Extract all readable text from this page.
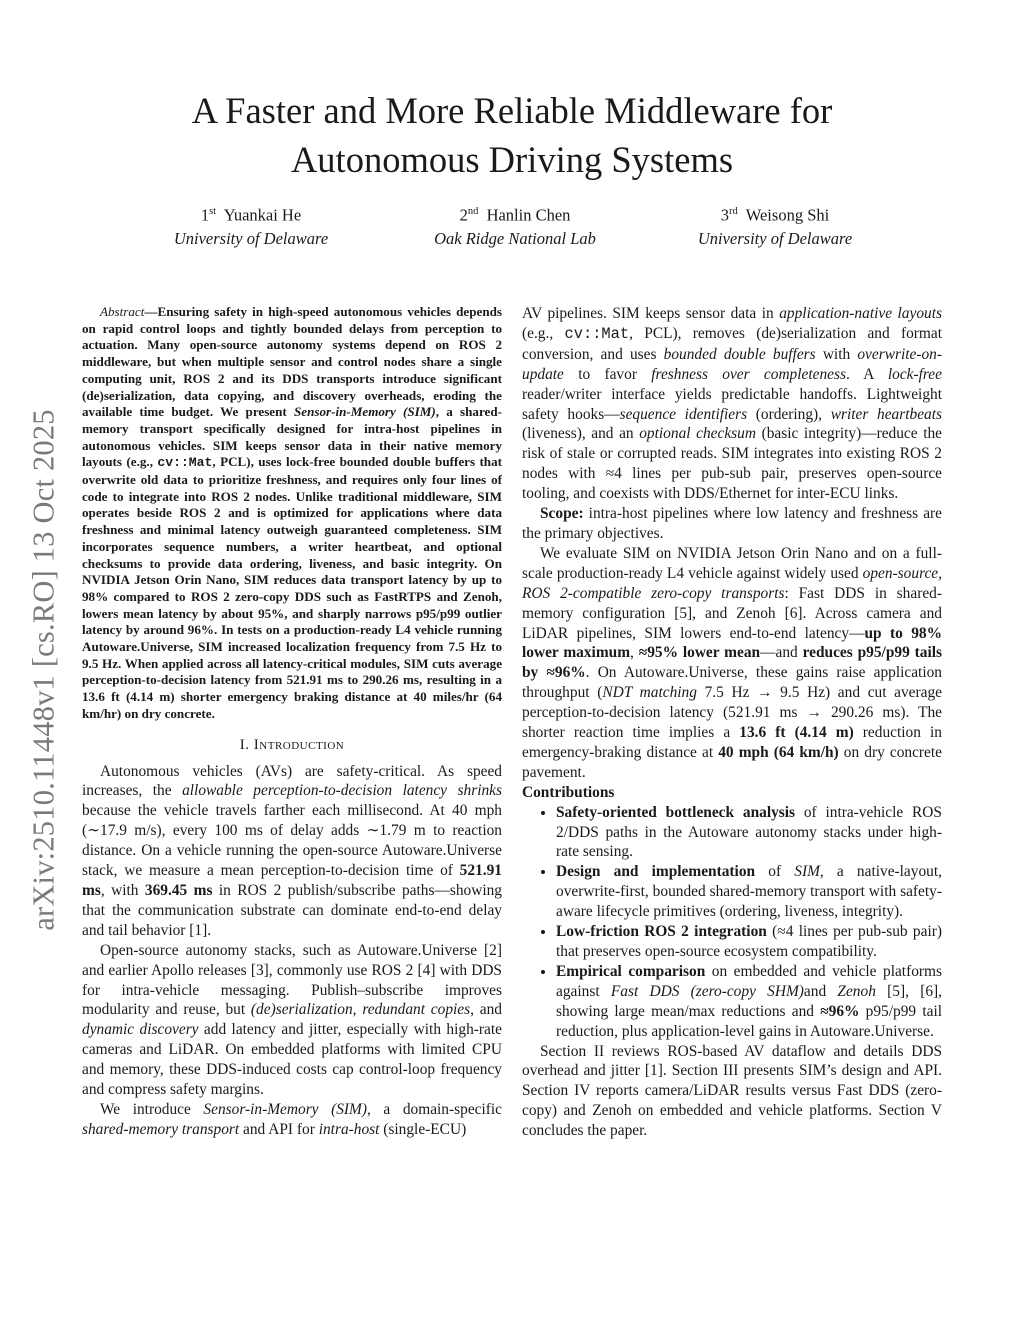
arXiv:2510.11448v1 [cs.RO] 13 Oct 2025
A Faster and More Reliable Middleware for
Autonomous Driving Systems
1st Yuankai He
University of Delaware
2nd Hanlin Chen
Oak Ridge National Lab
3rd Weisong Shi
University of Delaware

Abstract—Ensuring safety in high-speed autonomous vehicles depends on rapid control loops and tightly bounded delays from perception to actuation. Many open-source autonomy systems depend on ROS 2 middleware, but when multiple sensor and control nodes share a single computing unit, ROS 2 and its DDS transports introduce significant (de)serialization, data copying, and discovery overheads, eroding the available time budget. We present Sensor-in-Memory (SIM), a shared-memory transport specifically designed for intra-host pipelines in autonomous vehicles. SIM keeps sensor data in their native memory layouts (e.g., cv::Mat, PCL), uses lock-free bounded double buffers that overwrite old data to prioritize freshness, and requires only four lines of code to integrate into ROS 2 nodes. Unlike traditional middleware, SIM operates beside ROS 2 and is optimized for applications where data freshness and minimal latency outweigh guaranteed completeness. SIM incorporates sequence numbers, a writer heartbeat, and optional checksums to provide data ordering, liveness, and basic integrity. On NVIDIA Jetson Orin Nano, SIM reduces data transport latency by up to 98% compared to ROS 2 zero-copy DDS such as FastRTPS and Zenoh, lowers mean latency by about 95%, and sharply narrows p95/p99 outlier latency by around 96%. In tests on a production-ready L4 vehicle running Autoware.Universe, SIM increased localization frequency from 7.5 Hz to 9.5 Hz. When applied across all latency-critical modules, SIM cuts average perception-to-decision latency from 521.91 ms to 290.26 ms, resulting in a 13.6 ft (4.14 m) shorter emergency braking distance at 40 miles/hr (64 km/hr) on dry concrete.

I. Introduction

Autonomous vehicles (AVs) are safety-critical. As speed increases, the allowable perception-to-decision latency shrinks because the vehicle travels farther each millisecond. At 40 mph (∼17.9 m/s), every 100 ms of delay adds ∼1.79 m to reaction distance. On a vehicle running the open-source Autoware.Universe stack, we measure a mean perception-to-decision time of 521.91 ms, with 369.45 ms in ROS 2 publish/subscribe paths—showing that the communication substrate can dominate end-to-end delay and tail behavior [1].

Open-source autonomy stacks, such as Autoware.Universe [2] and earlier Apollo releases [3], commonly use ROS 2 [4] with DDS for intra-vehicle messaging. Publish–subscribe improves modularity and reuse, but (de)serialization, redundant copies, and dynamic discovery add latency and jitter, especially with high-rate cameras and LiDAR. On embedded platforms with limited CPU and memory, these DDS-induced costs cap control-loop frequency and compress safety margins.

We introduce Sensor-in-Memory (SIM), a domain-specific shared-memory transport and API for intra-host (single-ECU)

AV pipelines. SIM keeps sensor data in application-native layouts (e.g., cv::Mat, PCL), removes (de)serialization and format conversion, and uses bounded double buffers with overwrite-on-update to favor freshness over completeness. A lock-free reader/writer interface yields predictable handoffs. Lightweight safety hooks—sequence identifiers (ordering), writer heartbeats (liveness), and an optional checksum (basic integrity)—reduce the risk of stale or corrupted reads. SIM integrates into existing ROS 2 nodes with ≈4 lines per pub-sub pair, preserves open-source tooling, and coexists with DDS/Ethernet for inter-ECU links.

Scope: intra-host pipelines where low latency and freshness are the primary objectives.

We evaluate SIM on NVIDIA Jetson Orin Nano and on a full-scale production-ready L4 vehicle against widely used open-source, ROS 2-compatible zero-copy transports: Fast DDS in shared-memory configuration [5], and Zenoh [6]. Across camera and LiDAR pipelines, SIM lowers end-to-end latency—up to 98% lower maximum, ≈95% lower mean—and reduces p95/p99 tails by ≈96%. On Autoware.Universe, these gains raise application throughput (NDT matching 7.5 Hz → 9.5 Hz) and cut average perception-to-decision latency (521.91 ms → 290.26 ms). The shorter reaction time implies a 13.6 ft (4.14 m) reduction in emergency-braking distance at 40 mph (64 km/h) on dry concrete pavement.

Contributions
• Safety-oriented bottleneck analysis of intra-vehicle ROS 2/DDS paths in the Autoware autonomy stacks under high-rate sensing.
• Design and implementation of SIM, a native-layout, overwrite-first, bounded shared-memory transport with safety-aware lifecycle primitives (ordering, liveness, integrity).
• Low-friction ROS 2 integration (≈4 lines per pub-sub pair) that preserves open-source ecosystem compatibility.
• Empirical comparison on embedded and vehicle platforms against Fast DDS (zero-copy SHM)and Zenoh [5], [6], showing large mean/max reductions and ≈96% p95/p99 tail reduction, plus application-level gains in Autoware.Universe.

Section II reviews ROS-based AV dataflow and details DDS overhead and jitter [1]. Section III presents SIM’s design and API. Section IV reports camera/LiDAR results versus Fast DDS (zero-copy) and Zenoh on embedded and vehicle platforms. Section V concludes the paper.
